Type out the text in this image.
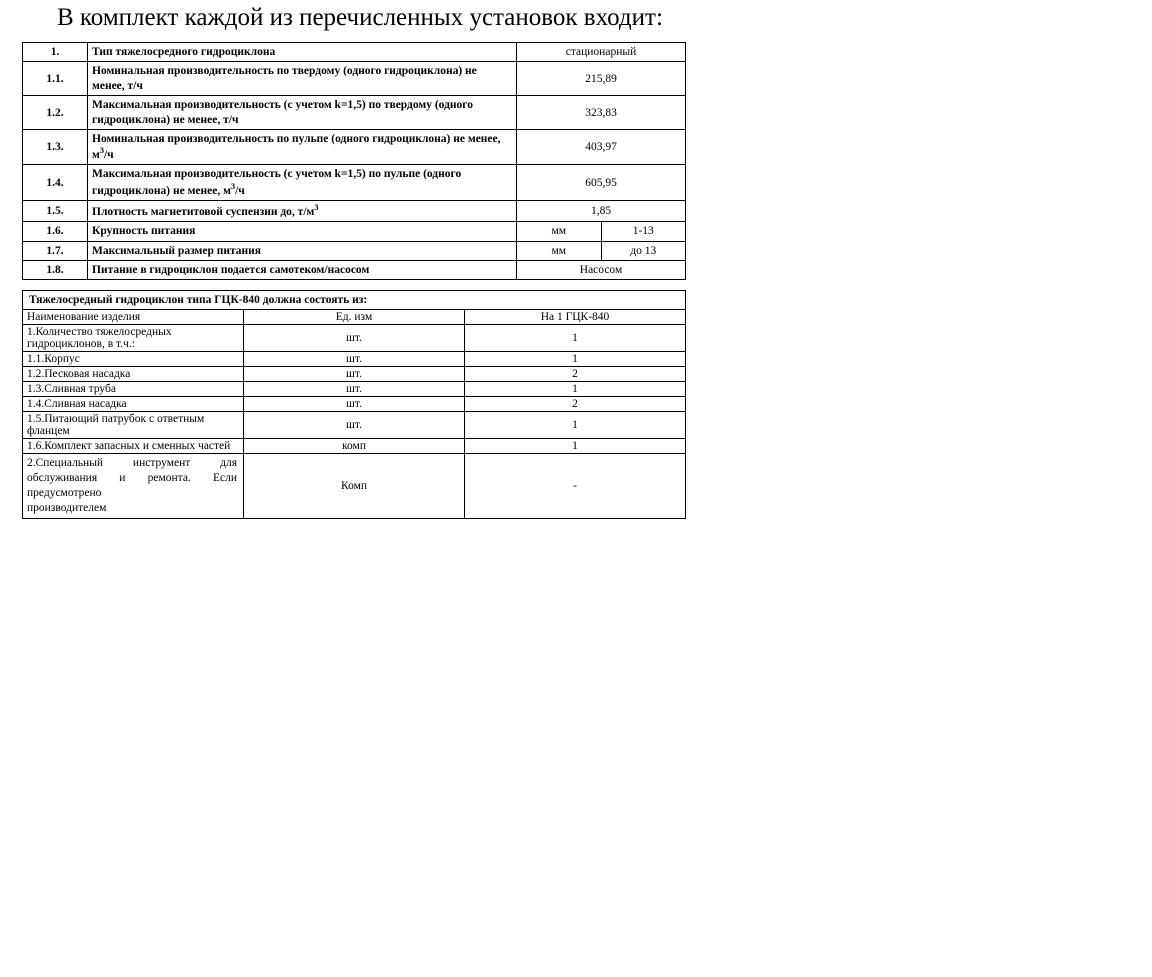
В комплект каждой из перечисленных установок входит:
1.	Тип тяжелосредного гидроциклона	стационарный	
1.1.	Номинальная производительность по твердому (одного гидроциклона) не менее, т/ч	215,89	
1.2.	Максимальная производительность (с учетом k=1,5) по твердому (одного гидроциклона) не менее, т/ч	323,83	
1.3.	Номинальная производительность по пульпе (одного гидроциклона) не менее, $м^3/ч$	403,97	
1.4.	Максимальная производительность (с учетом k=1,5) по пульпе (одного гидроциклона) не менее, $м^3/ч$	605,95	
1.5.	Плотность магнетитовой суспензии до, $т/м^3$	1,85	
1.6.	Крупность питания	мм	1-13
1.7.	Максимальный размер питания	мм	до 13
1.8.	Питание в гидроциклон подается самотеком/насосом	Насосом	
Тяжелосредный гидроциклон типа ГЦК-840 должна состоять из:		
Наименование изделия	Ед. изм	На 1 ГЦК-840
1.Количество тяжелосредных гидроциклонов, в т.ч.:	шт.	1
1.1.Корпус	шт.	1
1.2.Песковая насадка	шт.	2
1.3.Сливная труба	шт.	1
1.4.Сливная насадка	шт.	2
1.5.Питающий патрубок с ответным фланцем	шт.	1
1.6.Комплект запасных и сменных частей	комп	1
2.Специальный инструмент для обслуживания и ремонта. Если предусмотрено
производителем	Комп	-
